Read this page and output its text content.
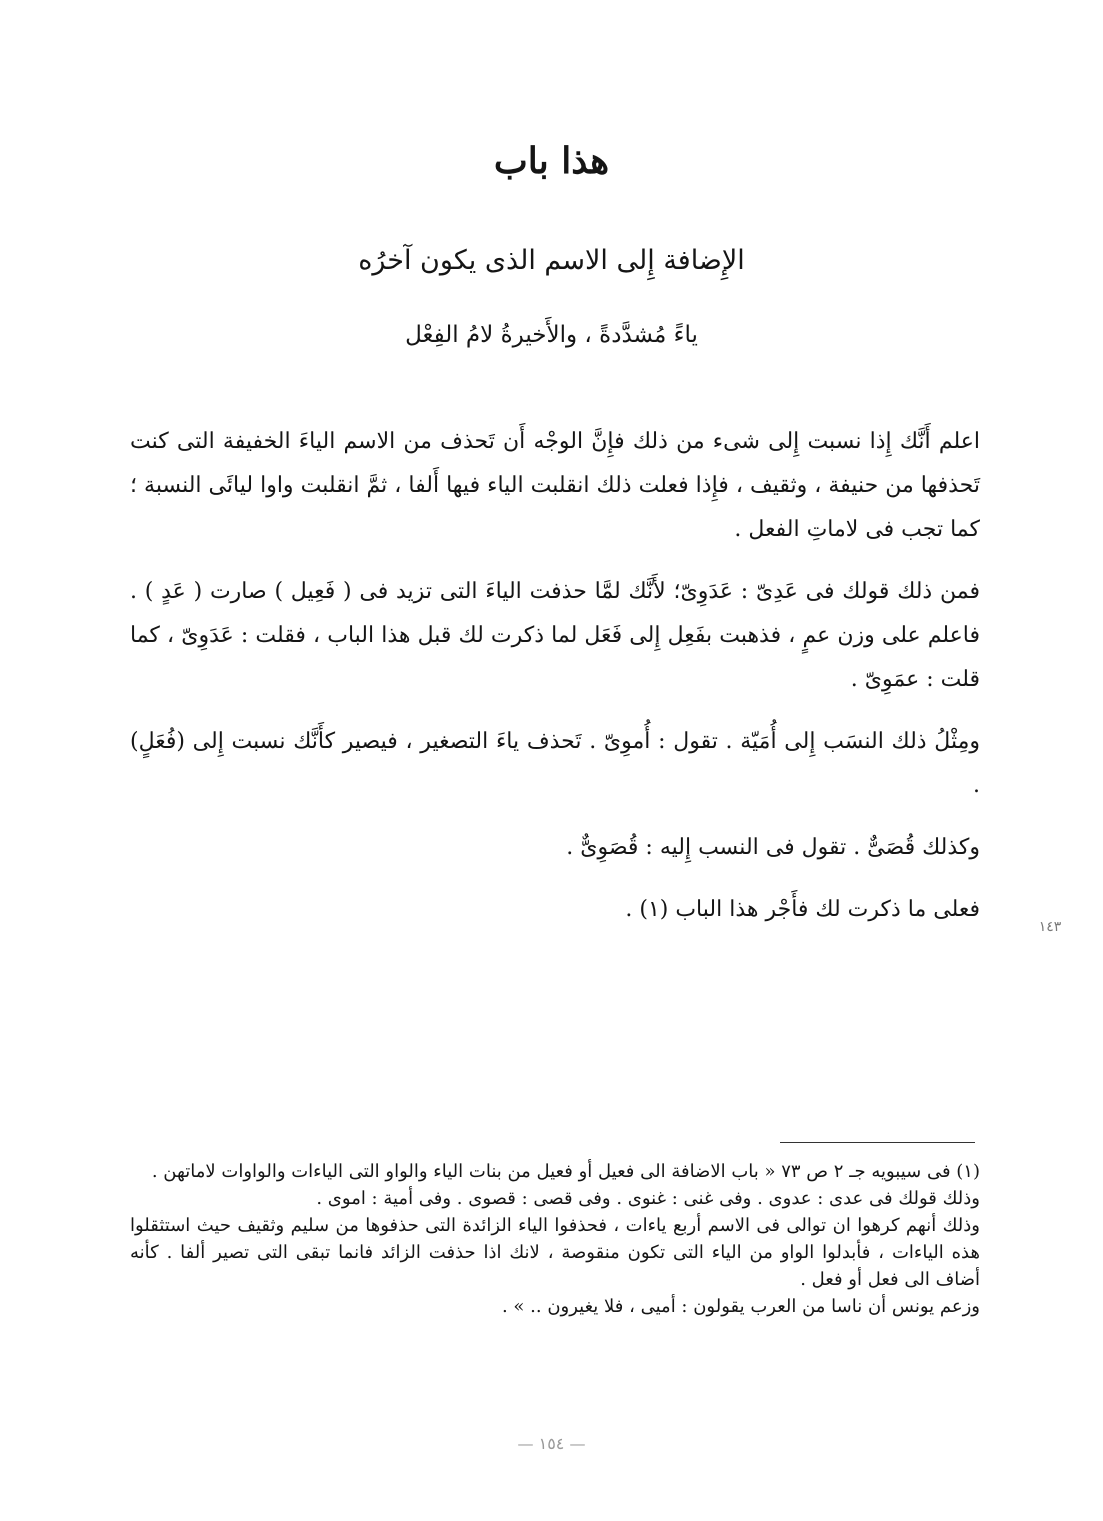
هذا باب
الإِضافة إِلى الاسم الذى يكون آخرُه
ياءً مُشدَّدةً ، والأَخيرةُ لامُ الفِعْل

اعلم أَنَّك إِذا نسبت إِلى شىء من ذلك فإِنَّ الوجْه أَن تَحذف من الاسم الياءَ الخفيفة التى كنت تَحذفها من حنيفة ، وثقيف ، فإِذا فعلت ذلك انقلبت الياء فيها أَلفا ، ثمَّ انقلبت واوا ليائَى النسبة ؛ كما تجب فى لاماتِ الفعل .

فمن ذلك قولك فى عَدِىّ : عَدَوِىّ؛ لأَنَّك لمَّا حذفت الياءَ التى تزيد فى ( فَعِيل ) صارت ( عَدٍ ) . فاعلم على وزن عمٍ ، فذهبت بفَعِل إِلى فَعَل لما ذكرت لك قبل هذا الباب ، فقلت : عَدَوِىّ ، كما قلت : عمَوِىّ .

ومِثْلُ ذلك النسَب إِلى أُمَيّة . تقول : أُموِىّ . تَحذف ياءَ التصغير ، فيصير كأَنَّك نسبت إِلى (فُعَلٍ) .

وكذلك قُصَىٌّ . تقول فى النسب إِليه : قُصَوِىٌّ .

فعلى ما ذكرت لك فأَجْر هذا الباب (١) .

١٤٣

(١) فى سيبويه جـ ٢ ص ٧٣ « باب الاضافة الى فعيل أو فعيل من بنات الياء والواو التى الياءات والواوات لاماتهن .

وذلك قولك فى عدى : عدوى . وفى غنى : غنوى . وفى قصى : قصوى . وفى أمية : اموى .

وذلك أنهم كرهوا ان توالى فى الاسم أربع ياءات ، فحذفوا الياء الزائدة التى حذفوها من سليم وثقيف حيث استثقلوا هذه الياءات ، فأبدلوا الواو من الياء التى تكون منقوصة ، لانك اذا حذفت الزائد فانما تبقى التى تصير ألفا . كأنه أضاف الى فعل أو فعل .

وزعم يونس أن ناسا من العرب يقولون : أميى ، فلا يغيرون .. » .

— ١٥٤ —
